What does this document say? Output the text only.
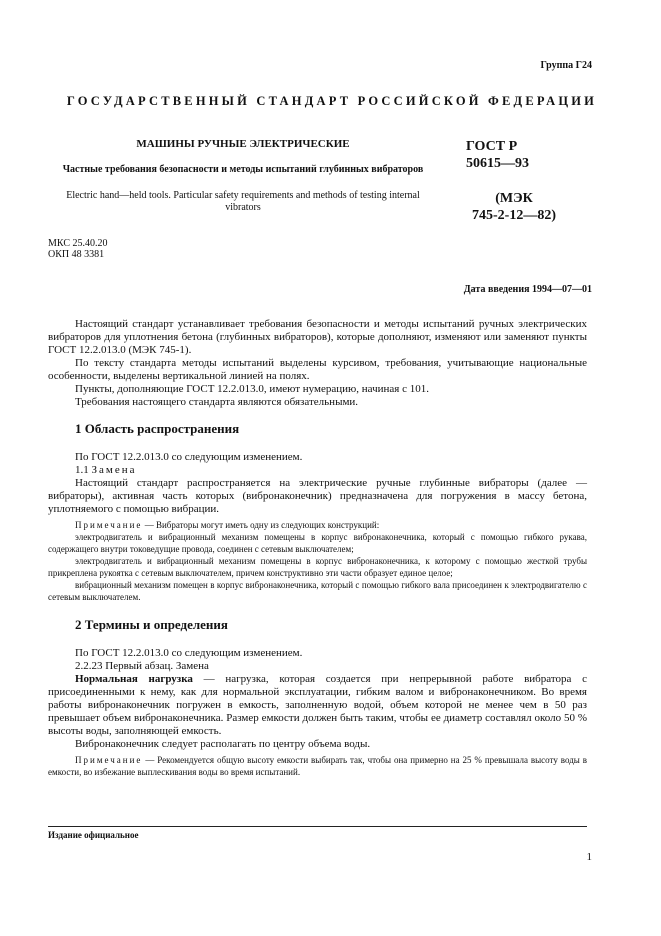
Группа Г24
ГОСУДАРСТВЕННЫЙ СТАНДАРТ РОССИЙСКОЙ ФЕДЕРАЦИИ
МАШИНЫ РУЧНЫЕ ЭЛЕКТРИЧЕСКИЕ
Частные требования безопасности и методы испытаний глубинных вибраторов
Electric hand—held tools. Particular safety requirements and methods of testing internal vibrators
ГОСТ Р
50615—93
(МЭК
745-2-12—82)
МКС 25.40.20
ОКП 48 3381
Дата введения 1994—07—01

Настоящий стандарт устанавливает требования безопасности и методы испытаний ручных электрических вибраторов для уплотнения бетона (глубинных вибраторов), которые дополняют, изменяют или заменяют пункты ГОСТ 12.2.013.0 (МЭК 745-1).

По тексту стандарта методы испытаний выделены курсивом, требования, учитывающие национальные особенности, выделены вертикальной линией на полях.

Пункты, дополняющие ГОСТ 12.2.013.0, имеют нумерацию, начиная с 101.

Требования настоящего стандарта являются обязательными.

1 Область распространения

По ГОСТ 12.2.013.0 со следующим изменением.

1.1 Замена

Настоящий стандарт распространяется на электрические ручные глубинные вибраторы (далее — вибраторы), активная часть которых (вибронаконечник) предназначена для погружения в массу бетона, уплотняемого с помощью вибрации.

Примечание — Вибраторы могут иметь одну из следующих конструкций:

электродвигатель и вибрационный механизм помещены в корпус вибронаконечника, который с помощью гибкого рукава, содержащего внутри токоведущие провода, соединен с сетевым выключателем;

электродвигатель и вибрационный механизм помещены в корпус вибронаконечника, к которому с помощью жесткой трубы прикреплена рукоятка с сетевым выключателем, причем конструктивно эти части образует единое целое;

вибрационный механизм помещен в корпус вибронаконечника, который с помощью гибкого вала присоединен к электродвигателю с сетевым выключателем.

2 Термины и определения

По ГОСТ 12.2.013.0 со следующим изменением.

2.2.23 Первый абзац. Замена

Нормальная нагрузка — нагрузка, которая создается при непрерывной работе вибратора с присоединенными к нему, как для нормальной эксплуатации, гибким валом и вибронаконечником. Во время работы вибронаконечник погружен в емкость, заполненную водой, объем которой не менее чем в 50 раз превышает объем вибронаконечника. Размер емкости должен быть таким, чтобы ее диаметр составлял около 50 % высоты воды, заполняющей емкость.

Вибронаконечник следует располагать по центру объема воды.

Примечание — Рекомендуется общую высоту емкости выбирать так, чтобы она примерно на 25 % превышала высоту воды в емкости, во избежание выплескивания воды во время испытаний.

Издание официальное
1
